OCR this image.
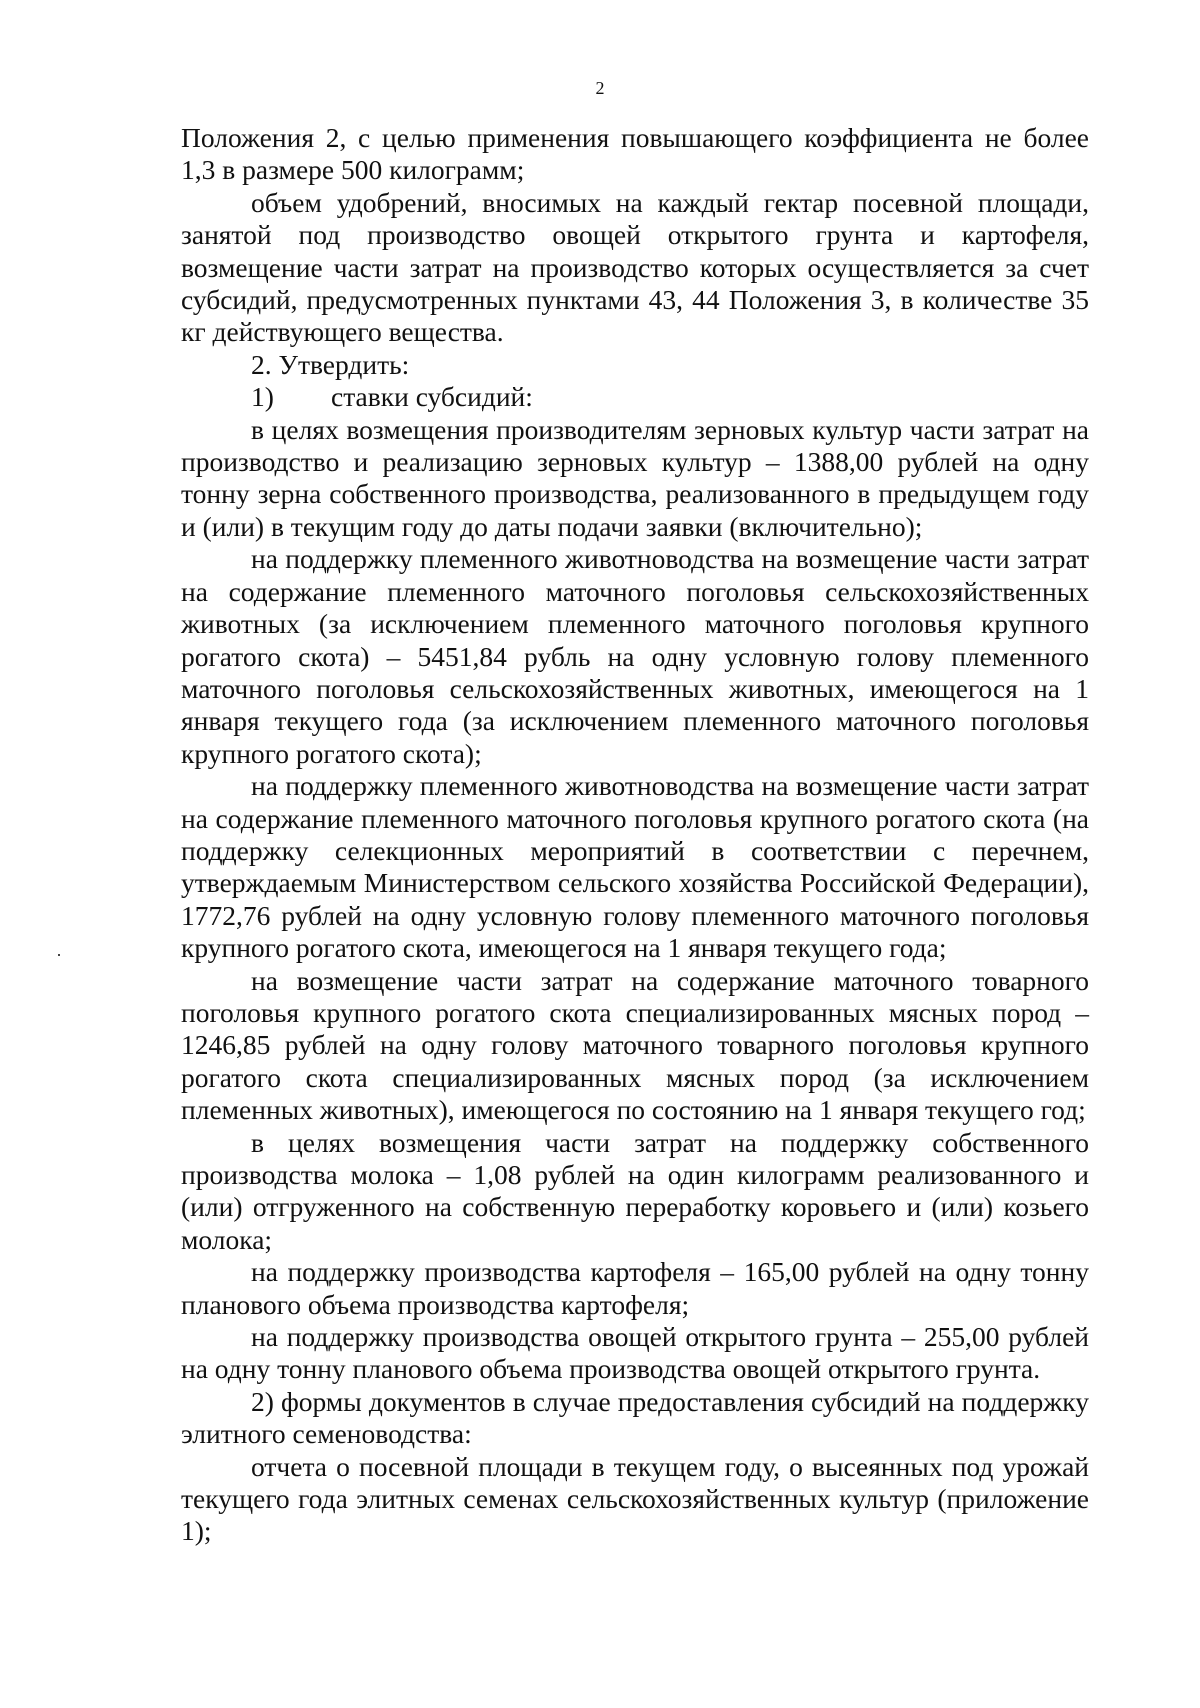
2

Положения 2, с целью применения повышающего коэффициента не более 1,3 в размере 500 килограмм;

объем удобрений, вносимых на каждый гектар посевной площади, занятой под производство овощей открытого грунта и картофеля, возмещение части затрат на производство которых осуществляется за счет субсидий, предусмотренных пунктами 43, 44 Положения 3, в количестве 35 кг действующего вещества.

2. Утвердить:

1) ставки субсидий:

в целях возмещения производителям зерновых культур части затрат на производство и реализацию зерновых культур – 1388,00 рублей на одну тонну зерна собственного производства, реализованного в предыдущем году и (или) в текущим году до даты подачи заявки (включительно);

на поддержку племенного животноводства на возмещение части затрат на содержание племенного маточного поголовья сельскохозяйственных животных (за исключением племенного маточного поголовья крупного рогатого скота) – 5451,84 рубль на одну условную голову племенного маточного поголовья сельскохозяйственных животных, имеющегося на 1 января текущего года (за исключением племенного маточного поголовья крупного рогатого скота);

на поддержку племенного животноводства на возмещение части затрат на содержание племенного маточного поголовья крупного рогатого скота (на поддержку селекционных мероприятий в соответствии с перечнем, утверждаемым Министерством сельского хозяйства Российской Федерации), 1772,76 рублей на одну условную голову племенного маточного поголовья крупного рогатого скота, имеющегося на 1 января текущего года;

на возмещение части затрат на содержание маточного товарного поголовья крупного рогатого скота специализированных мясных пород – 1246,85 рублей на одну голову маточного товарного поголовья крупного рогатого скота специализированных мясных пород (за исключением племенных животных), имеющегося по состоянию на 1 января текущего год;

в целях возмещения части затрат на поддержку собственного производства молока – 1,08 рублей на один килограмм реализованного и (или) отгруженного на собственную переработку коровьего и (или) козьего молока;

на поддержку производства картофеля – 165,00 рублей на одну тонну планового объема производства картофеля;

на поддержку производства овощей открытого грунта – 255,00 рублей на одну тонну планового объема производства овощей открытого грунта.

2) формы документов в случае предоставления субсидий на поддержку элитного семеноводства:

отчета о посевной площади в текущем году, о высеянных под урожай текущего года элитных семенах сельскохозяйственных культур (приложение 1);
